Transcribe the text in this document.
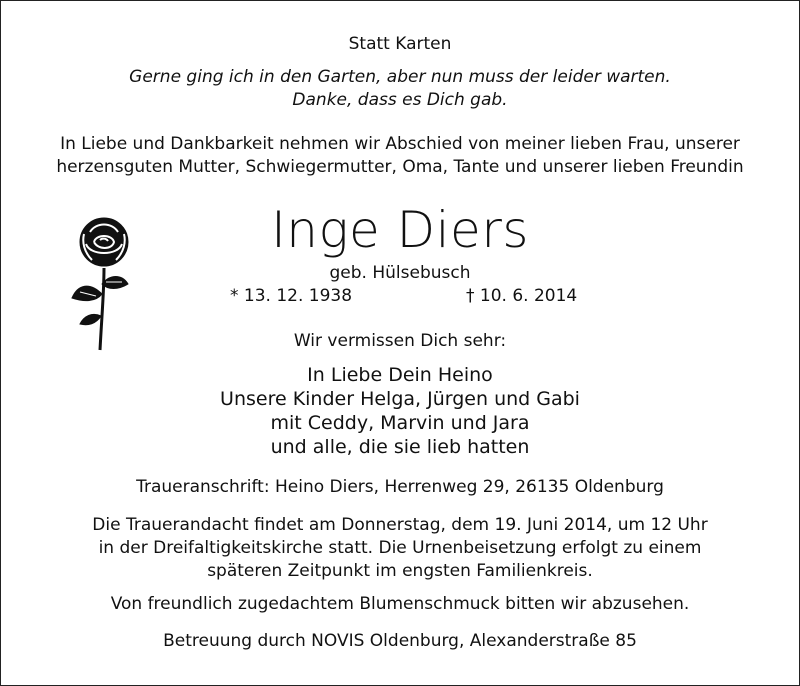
Statt Karten
Gerne ging ich in den Garten, aber nun muss der leider warten.
Danke, dass es Dich gab.
In Liebe und Dankbarkeit nehmen wir Abschied von meiner lieben Frau, unserer
herzensguten Mutter, Schwiegermutter, Oma, Tante und unserer lieben Freundin
Inge Diers
geb. Hülsebusch
* 13. 12. 1938	† 10. 6. 2014
Wir vermissen Dich sehr:
In Liebe Dein Heino
Unsere Kinder Helga, Jürgen und Gabi
mit Ceddy, Marvin und Jara
und alle, die sie lieb hatten
Traueranschrift: Heino Diers, Herrenweg 29, 26135 Oldenburg
Die Trauerandacht findet am Donnerstag, dem 19. Juni 2014, um 12 Uhr
in der Dreifaltigkeitskirche statt. Die Urnenbeisetzung erfolgt zu einem
späteren Zeitpunkt im engsten Familienkreis.
Von freundlich zugedachtem Blumenschmuck bitten wir abzusehen.
Betreuung durch NOVIS Oldenburg, Alexanderstraße 85
